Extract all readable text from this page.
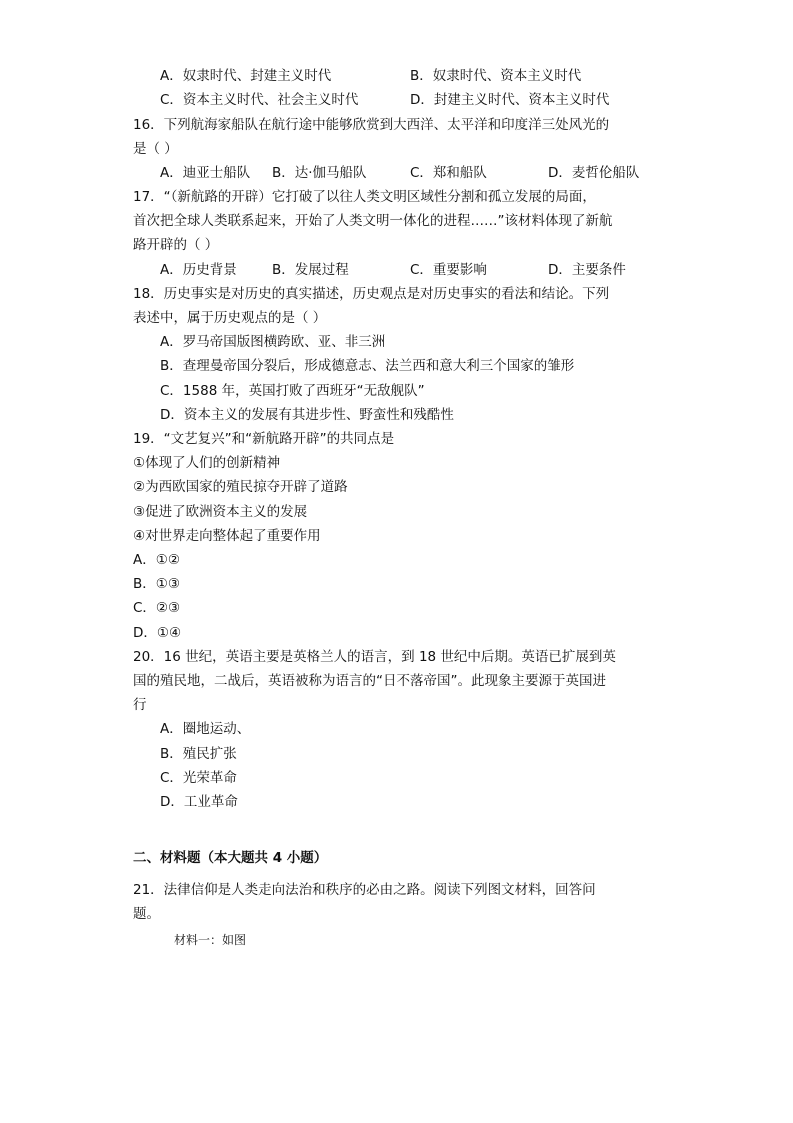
A．奴隶时代、封建主义时代	B．奴隶时代、资本主义时代
C．资本主义时代、社会主义时代	D．封建主义时代、资本主义时代
16．下列航海家船队在航行途中能够欣赏到大西洋、太平洋和印度洋三处风光的
是（ ）
A．迪亚士船队 B．达·伽马船队	C．郑和船队	D．麦哲伦船队
17．“（新航路的开辟）它打破了以往人类文明区域性分割和孤立发展的局面，
首次把全球人类联系起来，开始了人类文明一体化的进程……”该材料体现了新航
路开辟的（ ）
A．历史背景	B．发展过程	C．重要影响	D．主要条件
18．历史事实是对历史的真实描述，历史观点是对历史事实的看法和结论。下列
表述中，属于历史观点的是（ ）
A．罗马帝国版图横跨欧、亚、非三洲
B．查理曼帝国分裂后，形成德意志、法兰西和意大利三个国家的雏形
C．1588 年，英国打败了西班牙“无敌舰队”
D．资本主义的发展有其进步性、野蛮性和残酷性
19．“文艺复兴”和“新航路开辟”的共同点是
①体现了人们的创新精神
②为西欧国家的殖民掠夺开辟了道路
③促进了欧洲资本主义的发展
④对世界走向整体起了重要作用
A．①②
B．①③
C．②③
D．①④
20．16 世纪，英语主要是英格兰人的语言，到 18 世纪中后期。英语已扩展到英
国的殖民地，二战后，英语被称为语言的“日不落帝国”。此现象主要源于英国进
行
A．圈地运动、
B．殖民扩张
C．光荣革命
D．工业革命
二、材料题（本大题共 4 小题）
21．法律信仰是人类走向法治和秩序的必由之路。阅读下列图文材料，回答问
题。
材料一：如图
